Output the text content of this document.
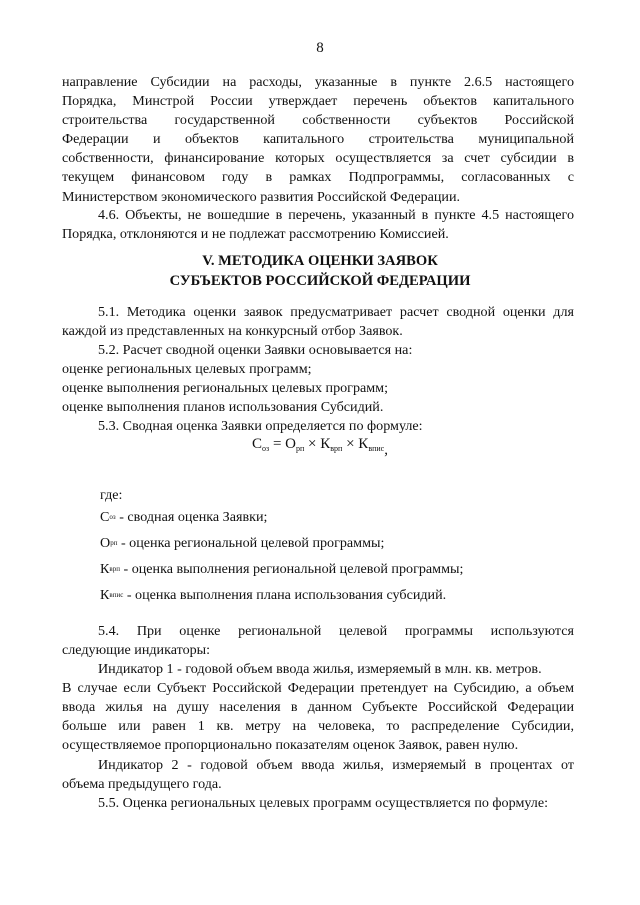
8
направление Субсидии на расходы, указанные в пункте 2.6.5 настоящего
Порядка, Минстрой России утверждает перечень объектов капитального
строительства государственной собственности субъектов Российской
Федерации и объектов капитального строительства муниципальной
собственности, финансирование которых осуществляется за счет субсидии в
текущем финансовом году в рамках Подпрограммы, согласованных с
Министерством экономического развития Российской Федерации.
4.6. Объекты, не вошедшие в перечень, указанный в пункте 4.5 настоящего
Порядка, отклоняются и не подлежат рассмотрению Комиссией.
V. МЕТОДИКА ОЦЕНКИ ЗАЯВОК
СУБЪЕКТОВ РОССИЙСКОЙ ФЕДЕРАЦИИ
5.1. Методика оценки заявок предусматривает расчет сводной оценки для
каждой из представленных на конкурсный отбор Заявок.
5.2. Расчет сводной оценки Заявки основывается на:
оценке региональных целевых программ;
оценке выполнения региональных целевых программ;
оценке выполнения планов использования Субсидий.
5.3. Сводная оценка Заявки определяется по формуле:
$С_{оз} = О_{рп} \times К_{врп} \times К_{впис}$,
где:
$С_{оз}$ - сводная оценка Заявки;
$О_{рп}$ - оценка региональной целевой программы;
$К_{врп}$ - оценка выполнения региональной целевой программы;
$К_{впис}$ - оценка выполнения плана использования субсидий.
5.4. При оценке региональной целевой программы используются
следующие индикаторы:
Индикатор 1 - годовой объем ввода жилья, измеряемый в млн. кв. метров.
В случае если Субъект Российской Федерации претендует на Субсидию, а объем
ввода жилья на душу населения в данном Субъекте Российской Федерации
больше или равен 1 кв. метру на человека, то распределение Субсидии,
осуществляемое пропорционально показателям оценок Заявок, равен нулю.
Индикатор 2 - годовой объем ввода жилья, измеряемый в процентах от
объема предыдущего года.
5.5. Оценка региональных целевых программ осуществляется по формуле:
